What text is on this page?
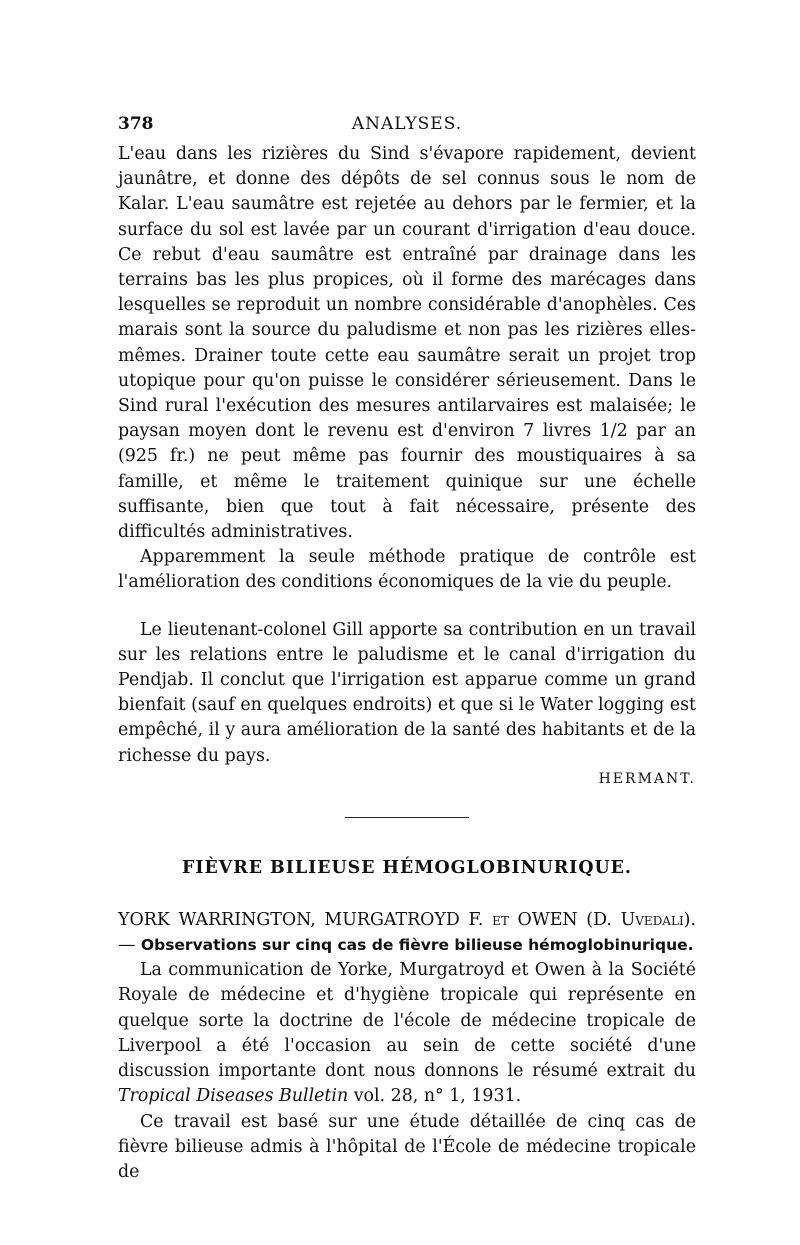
378	ANALYSES.

L'eau dans les rizières du Sind s'évapore rapidement, devient jaunâtre, et donne des dépôts de sel connus sous le nom de Kalar. L'eau saumâtre est rejetée au dehors par le fermier, et la surface du sol est lavée par un courant d'irrigation d'eau douce. Ce rebut d'eau saumâtre est entraîné par drainage dans les terrains bas les plus propices, où il forme des marécages dans lesquelles se reproduit un nombre considérable d'anophèles. Ces marais sont la source du paludisme et non pas les rizières elles-mêmes. Drainer toute cette eau saumâtre serait un projet trop utopique pour qu'on puisse le considérer sérieusement. Dans le Sind rural l'exécution des mesures antilarvaires est malaisée; le paysan moyen dont le revenu est d'environ 7 livres 1/2 par an (925 fr.) ne peut même pas fournir des moustiquaires à sa famille, et même le traitement quinique sur une échelle suffisante, bien que tout à fait nécessaire, présente des difficultés administratives.

Apparemment la seule méthode pratique de contrôle est l'amélioration des conditions économiques de la vie du peuple.

Le lieutenant-colonel Gill apporte sa contribution en un travail sur les relations entre le paludisme et le canal d'irrigation du Pendjab. Il conclut que l'irrigation est apparue comme un grand bienfait (sauf en quelques endroits) et que si le Water logging est empêché, il y aura amélioration de la santé des habitants et de la richesse du pays.

HERMANT.
FIÈVRE BILIEUSE HÉMOGLOBINURIQUE.

YORK WARRINGTON, MURGATROYD F. et OWEN (D. Uvedali). — Observations sur cinq cas de fièvre bilieuse hémoglobinurique.

La communication de Yorke, Murgatroyd et Owen à la Société Royale de médecine et d'hygiène tropicale qui représente en quelque sorte la doctrine de l'école de médecine tropicale de Liverpool a été l'occasion au sein de cette société d'une discussion importante dont nous donnons le résumé extrait du Tropical Diseases Bulletin vol. 28, n° 1, 1931.

Ce travail est basé sur une étude détaillée de cinq cas de fièvre bilieuse admis à l'hôpital de l'École de médecine tropicale de
